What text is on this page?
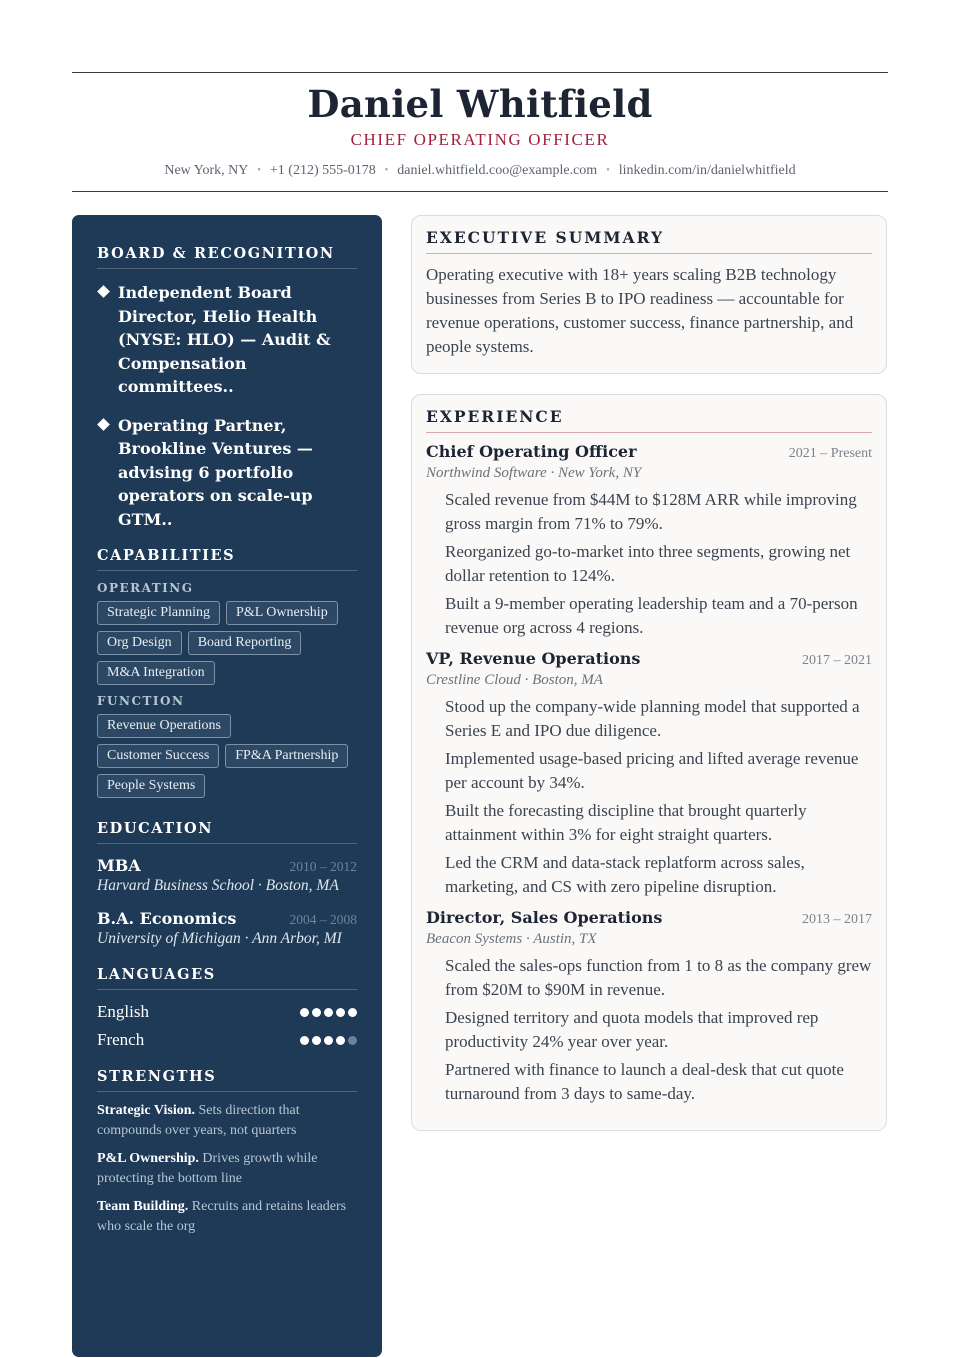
Daniel Whitfield
CHIEF OPERATING OFFICER
New York, NY • +1 (212) 555-0178 • daniel.whitfield.coo@example.com • linkedin.com/in/danielwhitfield
BOARD & RECOGNITION
Independent Board Director, Helio Health (NYSE: HLO) — Audit & Compensation committees..
Operating Partner, Brookline Ventures — advising 6 portfolio operators on scale-up GTM..
CAPABILITIES
OPERATING
Strategic Planning	P&L Ownership
Org Design	Board Reporting
M&A Integration
FUNCTION
Revenue Operations
Customer Success	FP&A Partnership
People Systems
EDUCATION
MBA	2010 – 2012
Harvard Business School · Boston, MA
B.A. Economics	2004 – 2008
University of Michigan · Ann Arbor, MI
LANGUAGES
English
French
STRENGTHS
Strategic Vision. Sets direction that compounds over years, not quarters
P&L Ownership. Drives growth while protecting the bottom line
Team Building. Recruits and retains leaders who scale the org
EXECUTIVE SUMMARY

Operating executive with 18+ years scaling B2B technology businesses from Series B to IPO readiness — accountable for revenue operations, customer success, finance partnership, and people systems.

EXPERIENCE
Chief Operating Officer	2021 – Present
Northwind Software · New York, NY
Scaled revenue from $44M to $128M ARR while improving gross margin from 71% to 79%.
Reorganized go-to-market into three segments, growing net dollar retention to 124%.
Built a 9-member operating leadership team and a 70-person revenue org across 4 regions.
VP, Revenue Operations	2017 – 2021
Crestline Cloud · Boston, MA
Stood up the company-wide planning model that supported a Series E and IPO due diligence.
Implemented usage-based pricing and lifted average revenue per account by 34%.
Built the forecasting discipline that brought quarterly attainment within 3% for eight straight quarters.
Led the CRM and data-stack replatform across sales, marketing, and CS with zero pipeline disruption.
Director, Sales Operations	2013 – 2017
Beacon Systems · Austin, TX
Scaled the sales-ops function from 1 to 8 as the company grew from $20M to $90M in revenue.
Designed territory and quota models that improved rep productivity 24% year over year.
Partnered with finance to launch a deal-desk that cut quote turnaround from 3 days to same-day.
